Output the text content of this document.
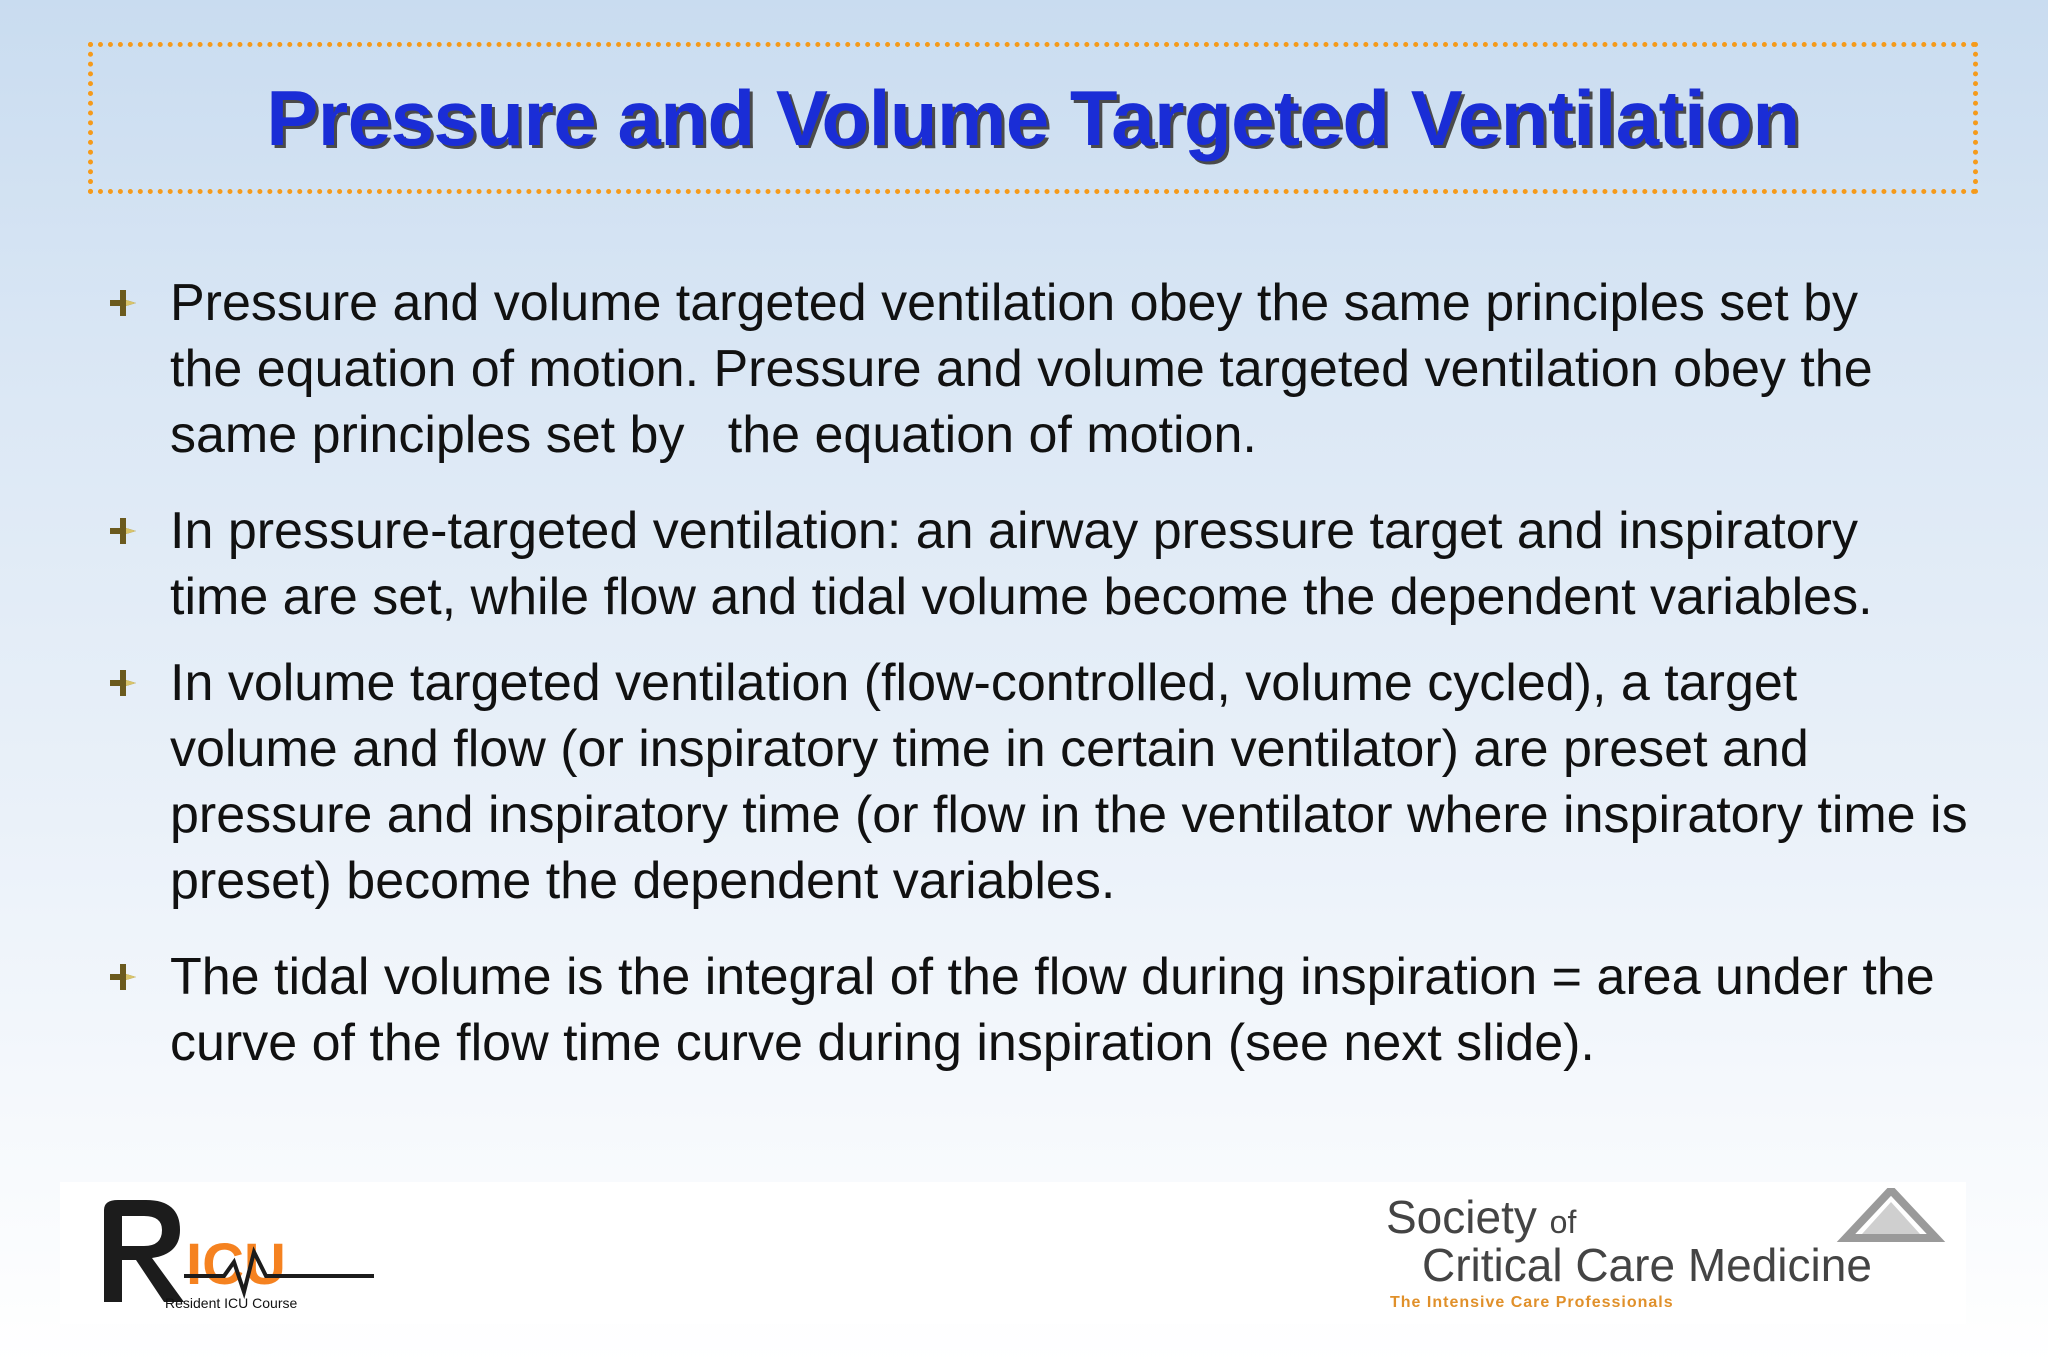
Pressure and Volume Targeted Ventilation
Pressure and volume targeted ventilation obey the same principles set by   the equation of motion. Pressure and volume targeted ventilation obey the same principles set by   the equation of motion.
In pressure-targeted ventilation: an airway pressure target and inspiratory time are set, while flow and tidal volume become the dependent variables.
In volume targeted ventilation (flow-controlled, volume cycled), a target volume and flow (or inspiratory time in certain ventilator) are preset and pressure and inspiratory time (or flow in the ventilator where inspiratory time is preset) become the dependent variables.
The tidal volume is the integral of the flow during inspiration = area under the curve of the flow time curve during inspiration (see next slide).
ICU
Resident ICU Course
Society of
Critical Care Medicine
The Intensive Care Professionals
